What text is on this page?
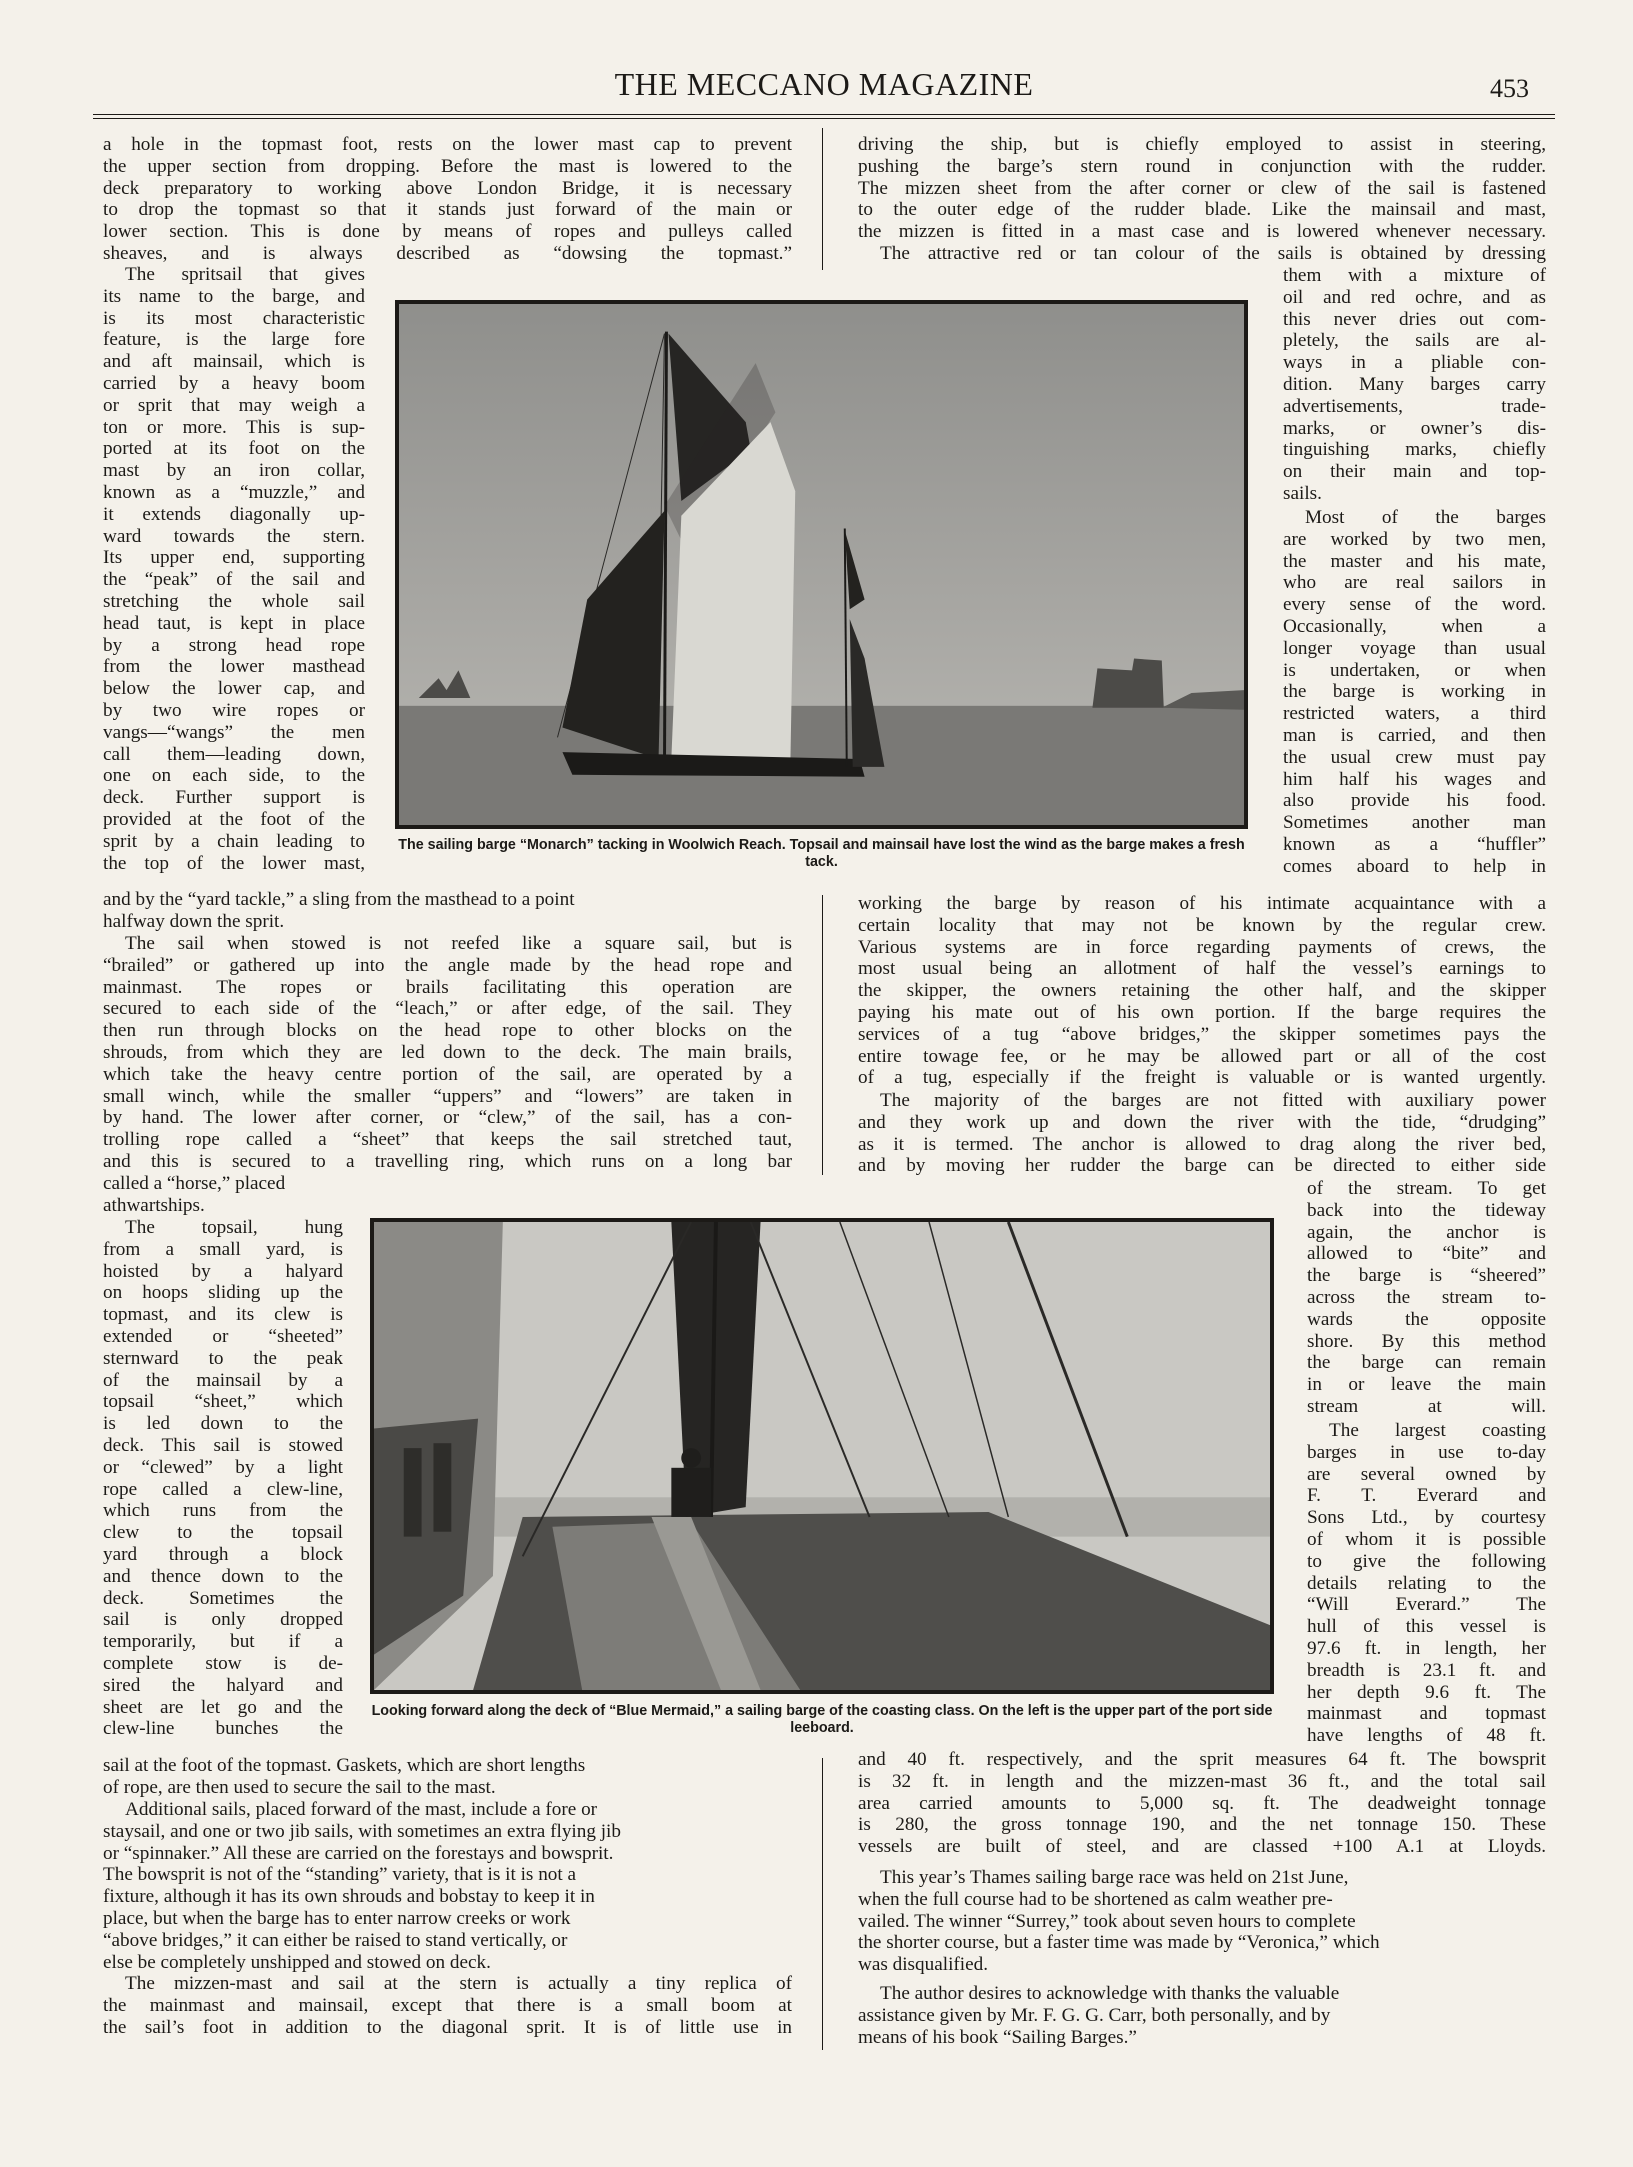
THE MECCANO MAGAZINE	453
a hole in the topmast foot, rests on the lower mast cap to prevent
the upper section from dropping. Before the mast is lowered to the
deck preparatory to working above London Bridge, it is necessary
to drop the topmast so that it stands just forward of the main or
lower section. This is done by means of ropes and pulleys called
sheaves, and is always described as “dowsing the topmast.”
The spritsail that gives
its name to the barge, and
is its most characteristic
feature, is the large fore
and aft mainsail, which is
carried by a heavy boom
or sprit that may weigh a
ton or more. This is sup-
ported at its foot on the
mast by an iron collar,
known as a “muzzle,” and
it extends diagonally up-
ward towards the stern.
Its upper end, supporting
the “peak” of the sail and
stretching the whole sail
head taut, is kept in place
by a strong head rope
from the lower masthead
below the lower cap, and
by two wire ropes or
vangs—“wangs” the men
call them—leading down,
one on each side, to the
deck. Further support is
provided at the foot of the
sprit by a chain leading to
the top of the lower mast,
and by the “yard tackle,” a sling from the masthead to a point
halfway down the sprit.
The sail when stowed is not reefed like a square sail, but is
“brailed” or gathered up into the angle made by the head rope and
mainmast. The ropes or brails facilitating this operation are
secured to each side of the “leach,” or after edge, of the sail. They
then run through blocks on the head rope to other blocks on the
shrouds, from which they are led down to the deck. The main brails,
which take the heavy centre portion of the sail, are operated by a
small winch, while the smaller “uppers” and “lowers” are taken in
by hand. The lower after corner, or “clew,” of the sail, has a con-
trolling rope called a “sheet” that keeps the sail stretched taut,
and this is secured to a travelling ring, which runs on a long bar
called a “horse,” placed
athwartships.
The topsail, hung
from a small yard, is
hoisted by a halyard
on hoops sliding up the
topmast, and its clew is
extended or “sheeted”
sternward to the peak
of the mainsail by a
topsail “sheet,” which
is led down to the
deck. This sail is stowed
or “clewed” by a light
rope called a clew-line,
which runs from the
clew to the topsail
yard through a block
and thence down to the
deck. Sometimes the
sail is only dropped
temporarily, but if a
complete stow is de-
sired the halyard and
sheet are let go and the
clew-line bunches the
sail at the foot of the topmast. Gaskets, which are short lengths
of rope, are then used to secure the sail to the mast.
Additional sails, placed forward of the mast, include a fore or
staysail, and one or two jib sails, with sometimes an extra flying jib
or “spinnaker.” All these are carried on the forestays and bowsprit.
The bowsprit is not of the “standing” variety, that is it is not a
fixture, although it has its own shrouds and bobstay to keep it in
place, but when the barge has to enter narrow creeks or work
“above bridges,” it can either be raised to stand vertically, or
else be completely unshipped and stowed on deck.
The mizzen-mast and sail at the stern is actually a tiny replica of
the mainmast and mainsail, except that there is a small boom at
the sail’s foot in addition to the diagonal sprit. It is of little use in
driving the ship, but is chiefly employed to assist in steering,
pushing the barge’s stern round in conjunction with the rudder.
The mizzen sheet from the after corner or clew of the sail is fastened
to the outer edge of the rudder blade. Like the mainsail and mast,
the mizzen is fitted in a mast case and is lowered whenever necessary.
The attractive red or tan colour of the sails is obtained by dressing
them with a mixture of
oil and red ochre, and as
this never dries out com-
pletely, the sails are al-
ways in a pliable con-
dition. Many barges carry
advertisements, trade-
marks, or owner’s dis-
tinguishing marks, chiefly
on their main and top-
sails.
Most of the barges
are worked by two men,
the master and his mate,
who are real sailors in
every sense of the word.
Occasionally, when a
longer voyage than usual
is undertaken, or when
the barge is working in
restricted waters, a third
man is carried, and then
the usual crew must pay
him half his wages and
also provide his food.
Sometimes another man
known as a “huffler”
comes aboard to help in
working the barge by reason of his intimate acquaintance with a
certain locality that may not be known by the regular crew.
Various systems are in force regarding payments of crews, the
most usual being an allotment of half the vessel’s earnings to
the skipper, the owners retaining the other half, and the skipper
paying his mate out of his own portion. If the barge requires the
services of a tug “above bridges,” the skipper sometimes pays the
entire towage fee, or he may be allowed part or all of the cost
of a tug, especially if the freight is valuable or is wanted urgently.
The majority of the barges are not fitted with auxiliary power
and they work up and down the river with the tide, “drudging”
as it is termed. The anchor is allowed to drag along the river bed,
and by moving her rudder the barge can be directed to either side
of the stream. To get
back into the tideway
again, the anchor is
allowed to “bite” and
the barge is “sheered”
across the stream to-
wards the opposite
shore. By this method
the barge can remain
in or leave the main
stream at will.
The largest coasting
barges in use to-day
are several owned by
F. T. Everard and
Sons Ltd., by courtesy
of whom it is possible
to give the following
details relating to the
“Will Everard.” The
hull of this vessel is
97.6 ft. in length, her
breadth is 23.1 ft. and
her depth 9.6 ft. The
mainmast and topmast
have lengths of 48 ft.
and 40 ft. respectively, and the sprit measures 64 ft. The bowsprit
is 32 ft. in length and the mizzen-mast 36 ft., and the total sail
area carried amounts to 5,000 sq. ft. The deadweight tonnage
is 280, the gross tonnage 190, and the net tonnage 150. These
vessels are built of steel, and are classed +100 A.1 at Lloyds.
This year’s Thames sailing barge race was held on 21st June,
when the full course had to be shortened as calm weather pre-
vailed. The winner “Surrey,” took about seven hours to complete
the shorter course, but a faster time was made by “Veronica,” which
was disqualified.
The author desires to acknowledge with thanks the valuable
assistance given by Mr. F. G. G. Carr, both personally, and by
means of his book “Sailing Barges.”

The sailing barge “Monarch” tacking in Woolwich Reach. Topsail and mainsail have lost the wind as the barge makes a fresh tack.

Looking forward along the deck of “Blue Mermaid,” a sailing barge of the coasting class. On the left is the upper part of the port side leeboard.
